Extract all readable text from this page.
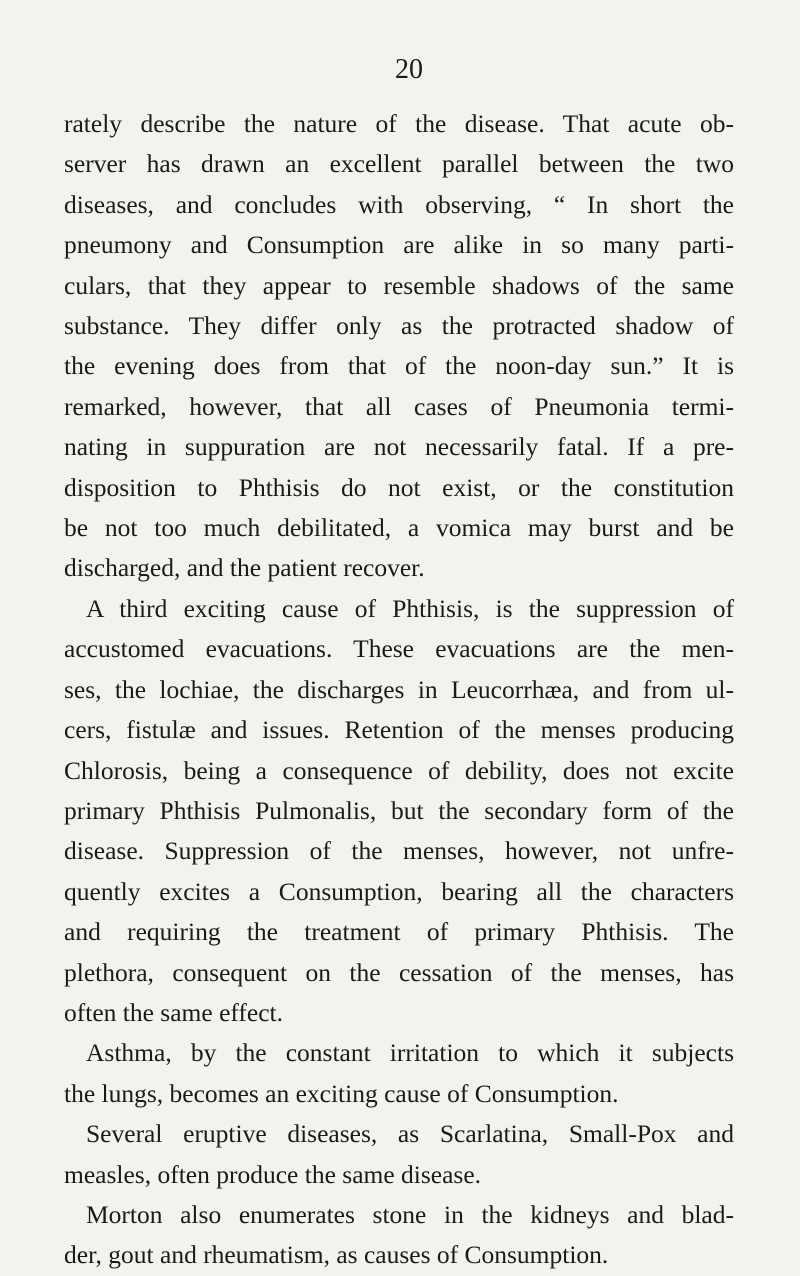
20
rately describe the nature of the disease. That acute ob-
server has drawn an excellent parallel between the two
diseases, and concludes with observing, “ In short the
pneumony and Consumption are alike in so many parti-
culars, that they appear to resemble shadows of the same
substance. They differ only as the protracted shadow of
the evening does from that of the noon-day sun.” It is
remarked, however, that all cases of Pneumonia termi-
nating in suppuration are not necessarily fatal. If a pre-
disposition to Phthisis do not exist, or the constitution
be not too much debilitated, a vomica may burst and be
discharged, and the patient recover.
A third exciting cause of Phthisis, is the suppression of
accustomed evacuations. These evacuations are the men-
ses, the lochiae, the discharges in Leucorrhæa, and from ul-
cers, fistulæ and issues. Retention of the menses producing
Chlorosis, being a consequence of debility, does not excite
primary Phthisis Pulmonalis, but the secondary form of the
disease. Suppression of the menses, however, not unfre-
quently excites a Consumption, bearing all the characters
and requiring the treatment of primary Phthisis. The
plethora, consequent on the cessation of the menses, has
often the same effect.
Asthma, by the constant irritation to which it subjects
the lungs, becomes an exciting cause of Consumption.
Several eruptive diseases, as Scarlatina, Small-Pox and
measles, often produce the same disease.
Morton also enumerates stone in the kidneys and blad-
der, gout and rheumatism, as causes of Consumption.
